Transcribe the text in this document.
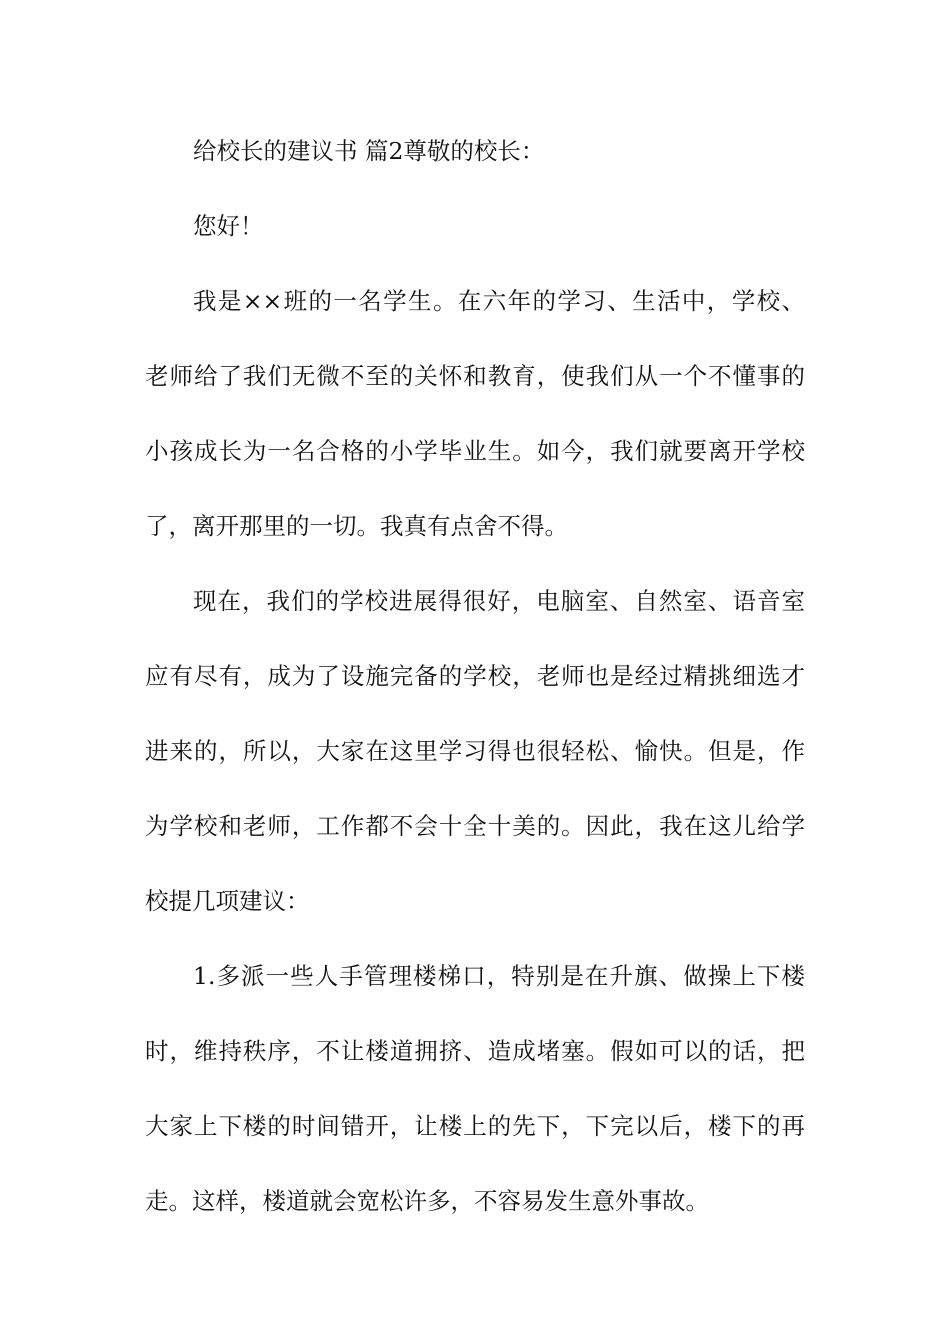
给校长的建议书 篇2尊敬的校长：

您好！

我是××班的一名学生。在六年的学习、生活中，学校、

老师给了我们无微不至的关怀和教育，使我们从一个不懂事的

小孩成长为一名合格的小学毕业生。如今，我们就要离开学校

了，离开那里的一切。我真有点舍不得。

现在，我们的学校进展得很好，电脑室、自然室、语音室

应有尽有，成为了设施完备的学校，老师也是经过精挑细选才

进来的，所以，大家在这里学习得也很轻松、愉快。但是，作

为学校和老师，工作都不会十全十美的。因此，我在这儿给学

校提几项建议：

1.多派一些人手管理楼梯口，特别是在升旗、做操上下楼

时，维持秩序，不让楼道拥挤、造成堵塞。假如可以的话，把

大家上下楼的时间错开，让楼上的先下，下完以后，楼下的再

走。这样，楼道就会宽松许多，不容易发生意外事故。
